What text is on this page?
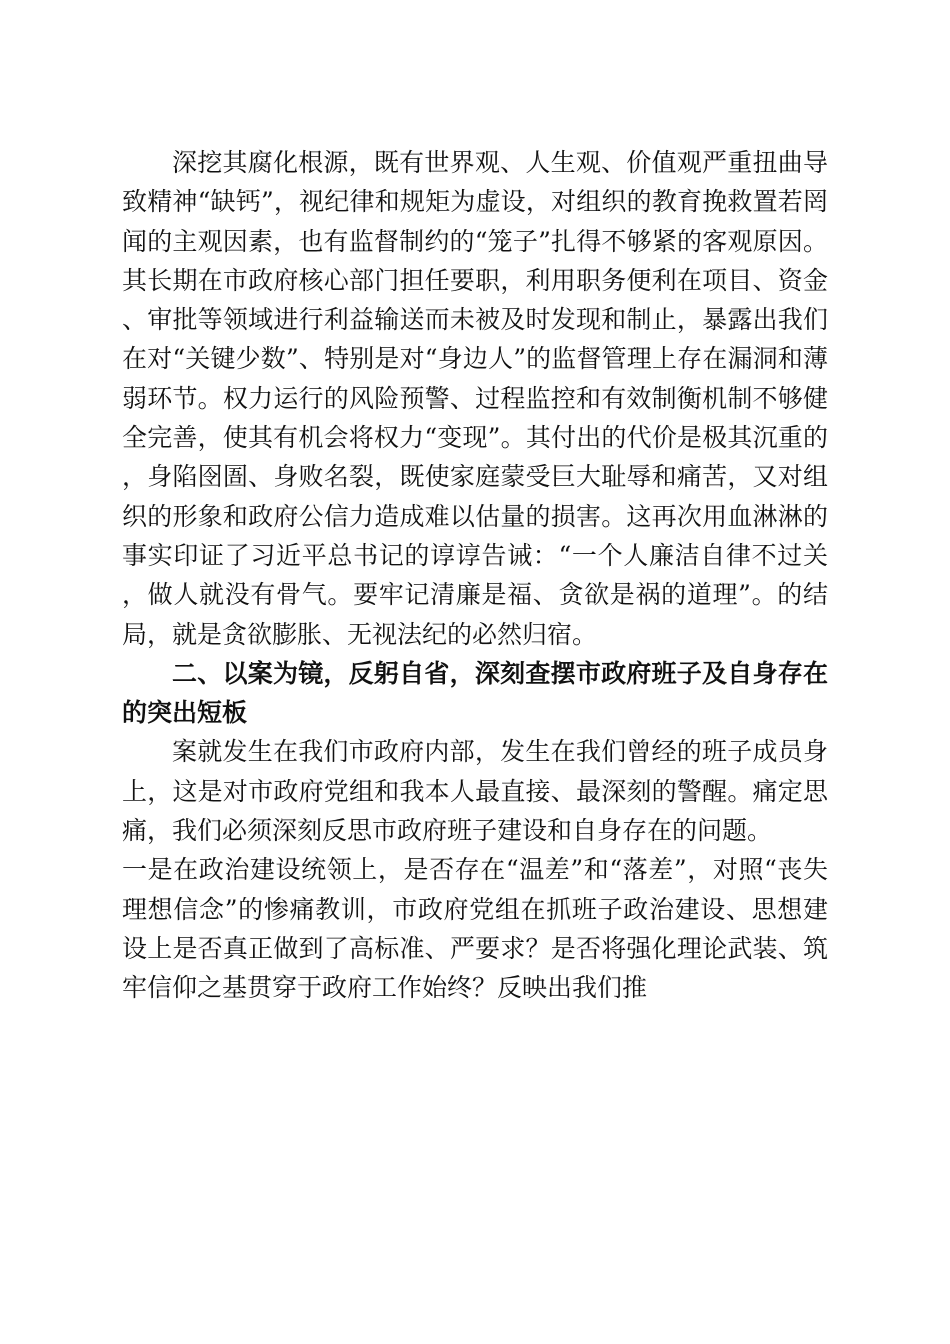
深挖其腐化根源，既有世界观、人生观、价值观严重扭曲导致精神“缺钙”，视纪律和规矩为虚设，对组织的教育挽救置若罔闻的主观因素，也有监督制约的“笼子”扎得不够紧的客观原因。其长期在市政府核心部门担任要职，利用职务便利在项目、资金、审批等领域进行利益输送而未被及时发现和制止，暴露出我们在对“关键少数”、特别是对“身边人”的监督管理上存在漏洞和薄弱环节。权力运行的风险预警、过程监控和有效制衡机制不够健全完善，使其有机会将权力“变现”。其付出的代价是极其沉重的，身陷囹圄、身败名裂，既使家庭蒙受巨大耻辱和痛苦，又对组织的形象和政府公信力造成难以估量的损害。这再次用血淋淋的事实印证了习近平总书记的谆谆告诫：“一个人廉洁自律不过关，做人就没有骨气。要牢记清廉是福、贪欲是祸的道理”。的结局，就是贪欲膨胀、无视法纪的必然归宿。

二、以案为镜，反躬自省，深刻查摆市政府班子及自身存在的突出短板

案就发生在我们市政府内部，发生在我们曾经的班子成员身上，这是对市政府党组和我本人最直接、最深刻的警醒。痛定思痛，我们必须深刻反思市政府班子建设和自身存在的问题。

一是在政治建设统领上，是否存在“温差”和“落差”，对照“丧失理想信念”的惨痛教训，市政府党组在抓班子政治建设、思想建设上是否真正做到了高标准、严要求？是否将强化理论武装、筑牢信仰之基贯穿于政府工作始终？反映出我们推
